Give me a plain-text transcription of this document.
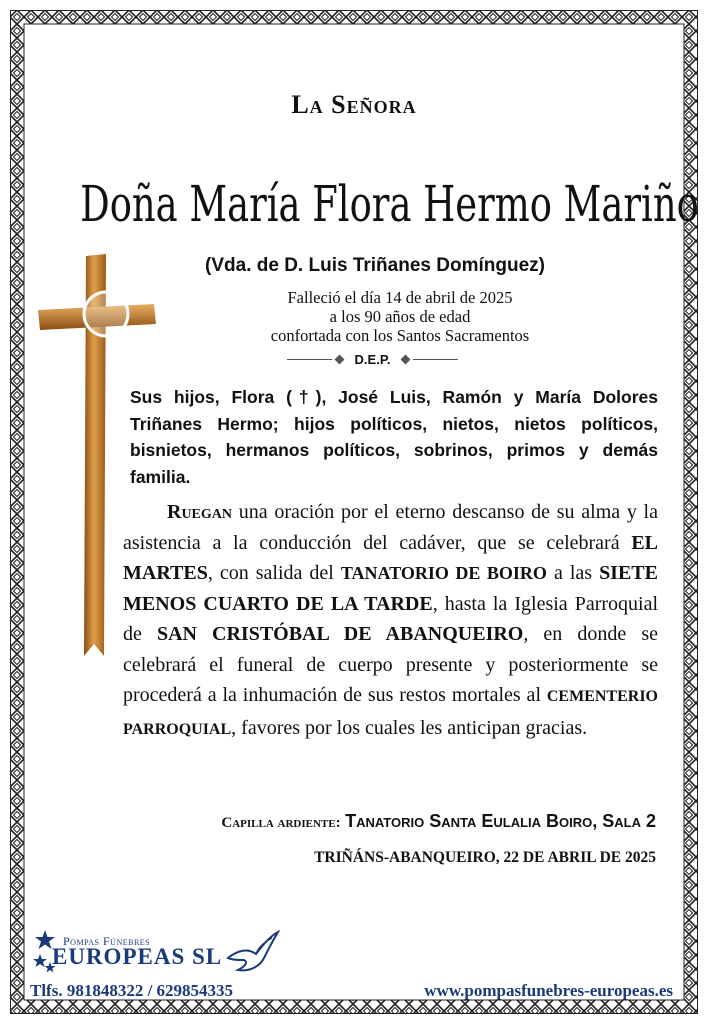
La Señora
Doña María Flora Hermo Mariño
(Vda. de D. Luis Triñanes Domínguez)
Falleció el día 14 de abril de 2025
a los 90 años de edad
confortada con los Santos Sacramentos
D.E.P.
Sus hijos, Flora (†), José Luis, Ramón y María Dolores Triñanes Hermo; hijos políticos, nietos, nietos políticos, bisnietos, hermanos políticos, sobrinos, primos y demás familia.
Ruegan una oración por el eterno descanso de su alma y la asistencia a la conducción del cadáver, que se celebrará EL MARTES, con salida del TANATORIO DE BOIRO a las SIETE MENOS CUARTO DE LA TARDE, hasta la Iglesia Parroquial de SAN CRISTÓBAL DE ABANQUEIRO, en donde se celebrará el funeral de cuerpo presente y posteriormente se procederá a la inhumación de sus restos mortales al CEMENTERIO PARROQUIAL, favores por los cuales les anticipan gracias.
Capilla ardiente: Tanatorio Santa Eulalia Boiro, Sala 2
TRIÑÁNS-ABANQUEIRO, 22 DE ABRIL DE 2025
Pompas Fúnebres
EUROPEAS SL
Tlfs. 981848322 / 629854335	www.pompasfunebres-europeas.es
